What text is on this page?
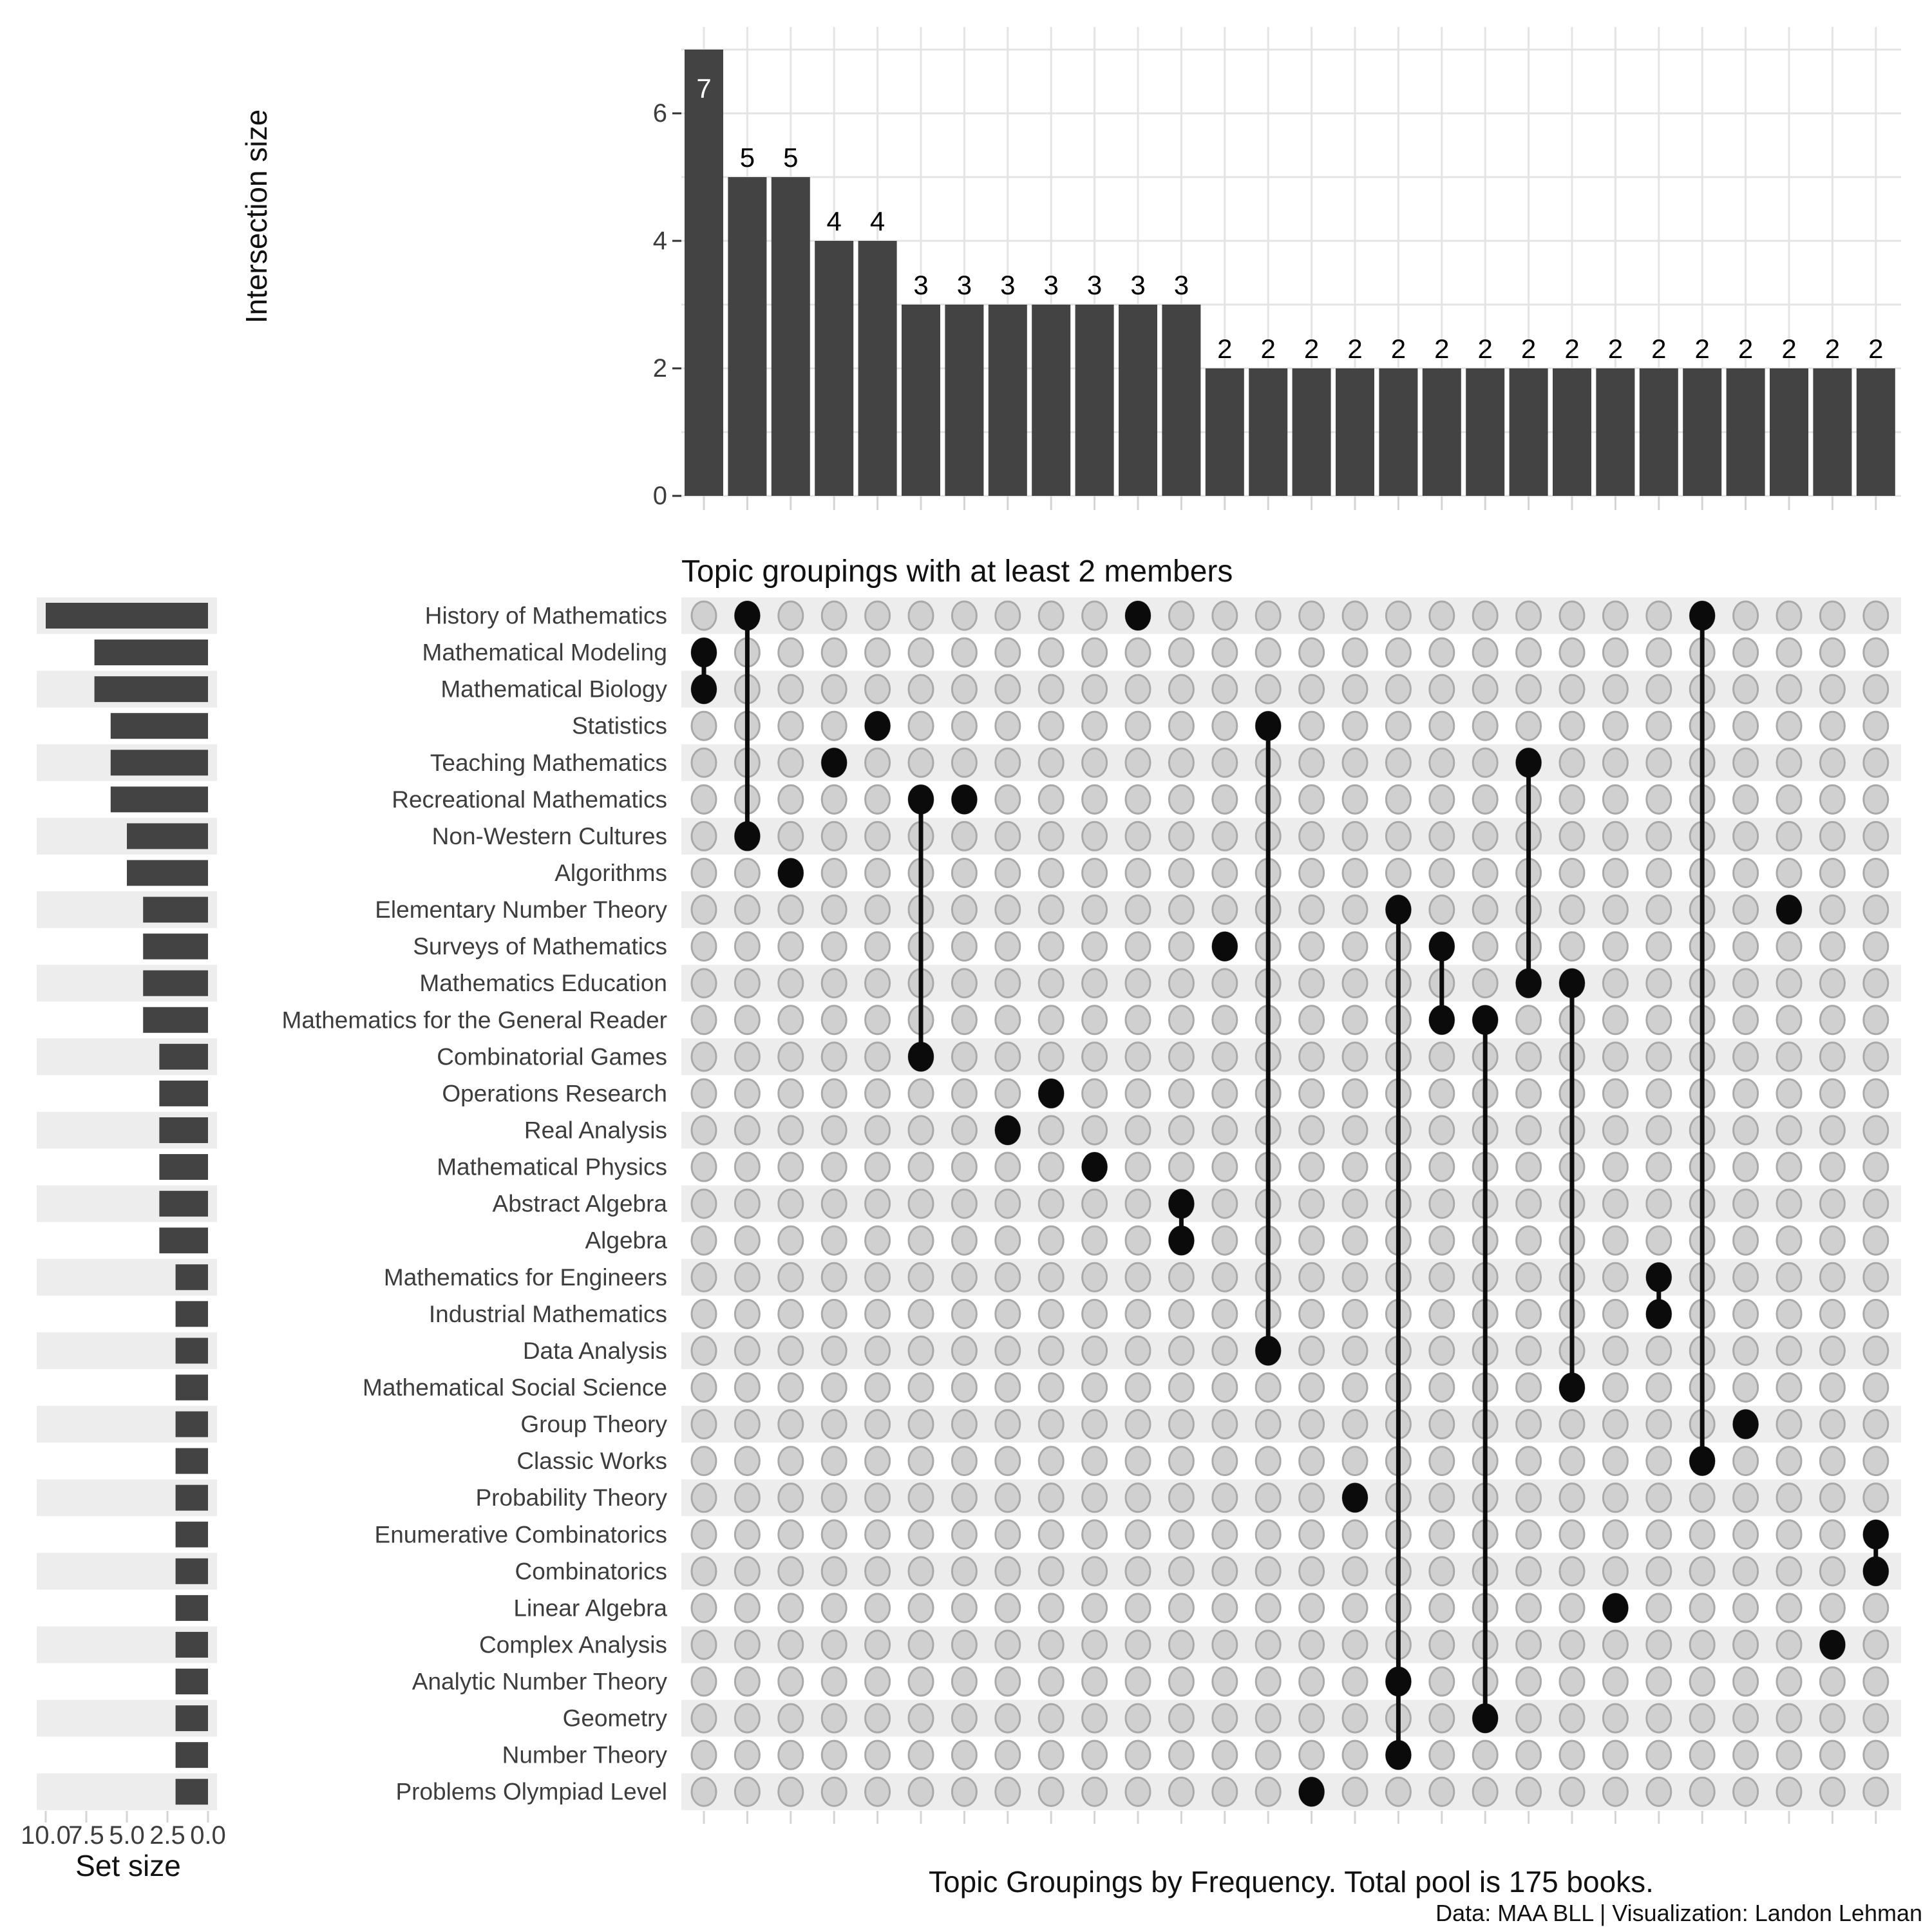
0
2
4
6
10.0
7.5 5.0 2.5 0.0
7
5 5
4 4
3 3 3 3 3 3 3
2 2 2 2 2 2 2 2 2 2 2 2 2 2 2 2
History of Mathematics
Mathematical Modeling
Mathematical Biology
Statistics
Teaching Mathematics
Recreational Mathematics
Non-Western Cultures
Algorithms
Elementary Number Theory
Surveys of Mathematics
Mathematics Education
Mathematics for the General Reader
Combinatorial Games
Operations Research
Real Analysis
Mathematical Physics
Abstract Algebra
Algebra
Mathematics for Engineers
Industrial Mathematics
Data Analysis
Mathematical Social Science
Group Theory
Classic Works
Probability Theory
Enumerative Combinatorics
Combinatorics
Linear Algebra
Complex Analysis
Analytic Number Theory
Geometry
Number Theory
Problems Olympiad Level
Intersection size
Topic groupings with at least 2 members
Set size	Topic Groupings by Frequency. Total pool is 175 books.
Data: MAA BLL | Visualization: Landon Lehman
